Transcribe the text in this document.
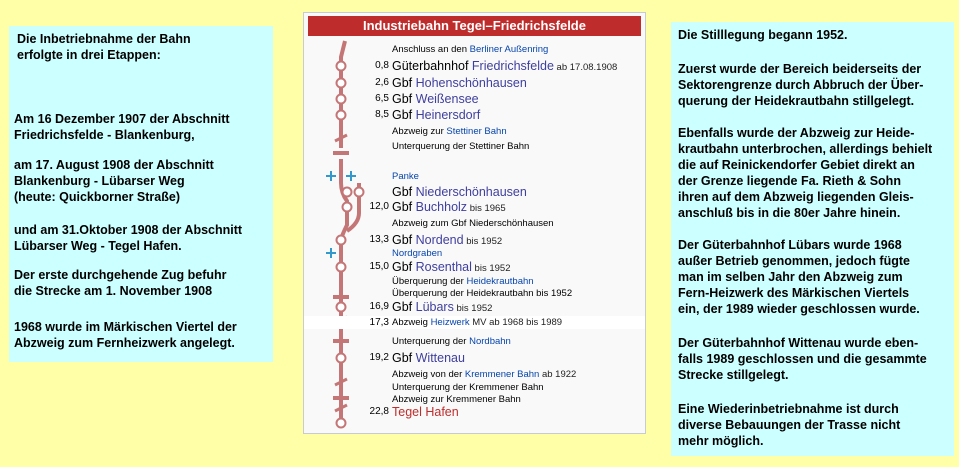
Die Inbetriebnahme der Bahn
erfolgte in drei Etappen:

Am 16 Dezember 1907 der Abschnitt
Friedrichsfelde - Blankenburg,

am 17. August 1908 der Abschnitt
Blankenburg - Lübarser Weg
(heute: Quickborner Straße)

und am 31.Oktober 1908 der Abschnitt
Lübarser Weg - Tegel Hafen.

Der erste durchgehende Zug befuhr
die Strecke am 1. November 1908

1968 wurde im Märkischen Viertel der
Abzweig zum Fernheizwerk angelegt.

Industriebahn Tegel–Friedrichsfelde
Anschluss an den Berliner Außenring
0,8 Güterbahnhof Friedrichsfelde ab 17.08.1908
2,6 Gbf Hohenschönhausen
6,5 Gbf Weißensee
8,5 Gbf Heinersdorf
Abzweig zur Stettiner Bahn
Unterquerung der Stettiner Bahn
Panke
Gbf Niederschönhausen
12,0 Gbf Buchholz bis 1965
Abzweig zum Gbf Niederschönhausen
13,3 Gbf Nordend bis 1952
Nordgraben
15,0 Gbf Rosenthal bis 1952
Überquerung der Heidekrautbahn
Überquerung der Heidekrautbahn bis 1952
16,9 Gbf Lübars bis 1952
17,3 Abzweig Heizwerk MV ab 1968 bis 1989
Unterquerung der Nordbahn
19,2 Gbf Wittenau
Abzweig von der Kremmener Bahn ab 1922
Unterquerung der Kremmener Bahn
Abzweig zur Kremmener Bahn
22,8 Tegel Hafen

Die Stilllegung begann 1952.

Zuerst wurde der Bereich beiderseits der
Sektorengrenze durch Abbruch der Über-
querung der Heidekrautbahn stillgelegt.

Ebenfalls wurde der Abzweig zur Heide-
krautbahn unterbrochen, allerdings behielt
die auf Reinickendorfer Gebiet direkt an
der Grenze liegende Fa. Rieth & Sohn
ihren auf dem Abzweig liegenden Gleis-
anschluß bis in die 80er Jahre hinein.

Der Güterbahnhof Lübars wurde 1968
außer Betrieb genommen, jedoch fügte
man im selben Jahr den Abzweig zum
Fern-Heizwerk des Märkischen Viertels
ein, der 1989 wieder geschlossen wurde.

Der Güterbahnhof Wittenau wurde eben-
falls 1989 geschlossen und die gesammte
Strecke stillgelegt.

Eine Wiederinbetriebnahme ist durch
diverse Bebauungen der Trasse nicht
mehr möglich.
